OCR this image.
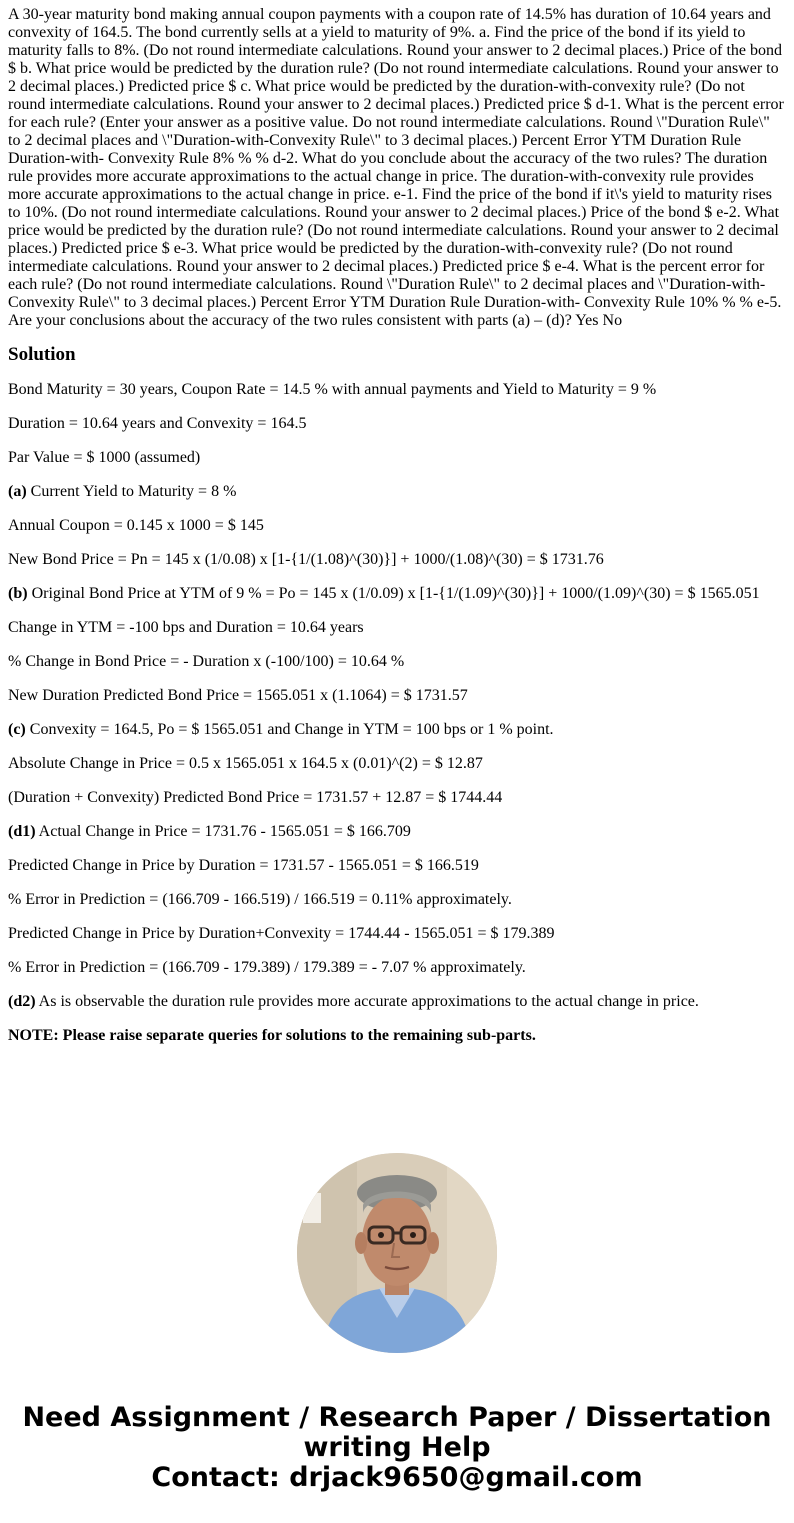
A 30-year maturity bond making annual coupon payments with a coupon rate of 14.5% has duration of 10.64 years and convexity of 164.5. The bond currently sells at a yield to maturity of 9%. a. Find the price of the bond if its yield to maturity falls to 8%. (Do not round intermediate calculations. Round your answer to 2 decimal places.) Price of the bond $ b. What price would be predicted by the duration rule? (Do not round intermediate calculations. Round your answer to 2 decimal places.) Predicted price $ c. What price would be predicted by the duration-with-convexity rule? (Do not round intermediate calculations. Round your answer to 2 decimal places.) Predicted price $ d-1. What is the percent error for each rule? (Enter your answer as a positive value. Do not round intermediate calculations. Round \"Duration Rule\" to 2 decimal places and \"Duration-with-Convexity Rule\" to 3 decimal places.) Percent Error YTM Duration Rule Duration-with- Convexity Rule 8% % % d-2. What do you conclude about the accuracy of the two rules? The duration rule provides more accurate approximations to the actual change in price. The duration-with-convexity rule provides more accurate approximations to the actual change in price. e-1. Find the price of the bond if it\'s yield to maturity rises to 10%. (Do not round intermediate calculations. Round your answer to 2 decimal places.) Price of the bond $ e-2. What price would be predicted by the duration rule? (Do not round intermediate calculations. Round your answer to 2 decimal places.) Predicted price $ e-3. What price would be predicted by the duration-with-convexity rule? (Do not round intermediate calculations. Round your answer to 2 decimal places.) Predicted price $ e-4. What is the percent error for each rule? (Do not round intermediate calculations. Round \"Duration Rule\" to 2 decimal places and \"Duration-with-Convexity Rule\" to 3 decimal places.) Percent Error YTM Duration Rule Duration-with- Convexity Rule 10% % % e-5. Are your conclusions about the accuracy of the two rules consistent with parts (a) – (d)? Yes No

Solution

Bond Maturity = 30 years, Coupon Rate = 14.5 % with annual payments and Yield to Maturity = 9 %

Duration = 10.64 years and Convexity = 164.5

Par Value = $ 1000 (assumed)

(a) Current Yield to Maturity = 8 %

Annual Coupon = 0.145 x 1000 = $ 145

New Bond Price = Pn = 145 x (1/0.08) x [1-{1/(1.08)^(30)}] + 1000/(1.08)^(30) = $ 1731.76

(b) Original Bond Price at YTM of 9 % = Po = 145 x (1/0.09) x [1-{1/(1.09)^(30)}] + 1000/(1.09)^(30) = $ 1565.051

Change in YTM = -100 bps and Duration = 10.64 years

% Change in Bond Price = - Duration x (-100/100) = 10.64 %

New Duration Predicted Bond Price = 1565.051 x (1.1064) = $ 1731.57

(c) Convexity = 164.5, Po = $ 1565.051 and Change in YTM = 100 bps or 1 % point.

Absolute Change in Price = 0.5 x 1565.051 x 164.5 x (0.01)^(2) = $ 12.87

(Duration + Convexity) Predicted Bond Price = 1731.57 + 12.87 = $ 1744.44

(d1) Actual Change in Price = 1731.76 - 1565.051 = $ 166.709

Predicted Change in Price by Duration = 1731.57 - 1565.051 = $ 166.519

% Error in Prediction = (166.709 - 166.519) / 166.519 = 0.11% approximately.

Predicted Change in Price by Duration+Convexity = 1744.44 - 1565.051 = $ 179.389

% Error in Prediction = (166.709 - 179.389) / 179.389 = - 7.07 % approximately.

(d2) As is observable the duration rule provides more accurate approximations to the actual change in price.

NOTE: Please raise separate queries for solutions to the remaining sub-parts.

Need Assignment / Research Paper / Dissertation
writing Help
Contact: drjack9650@gmail.com
